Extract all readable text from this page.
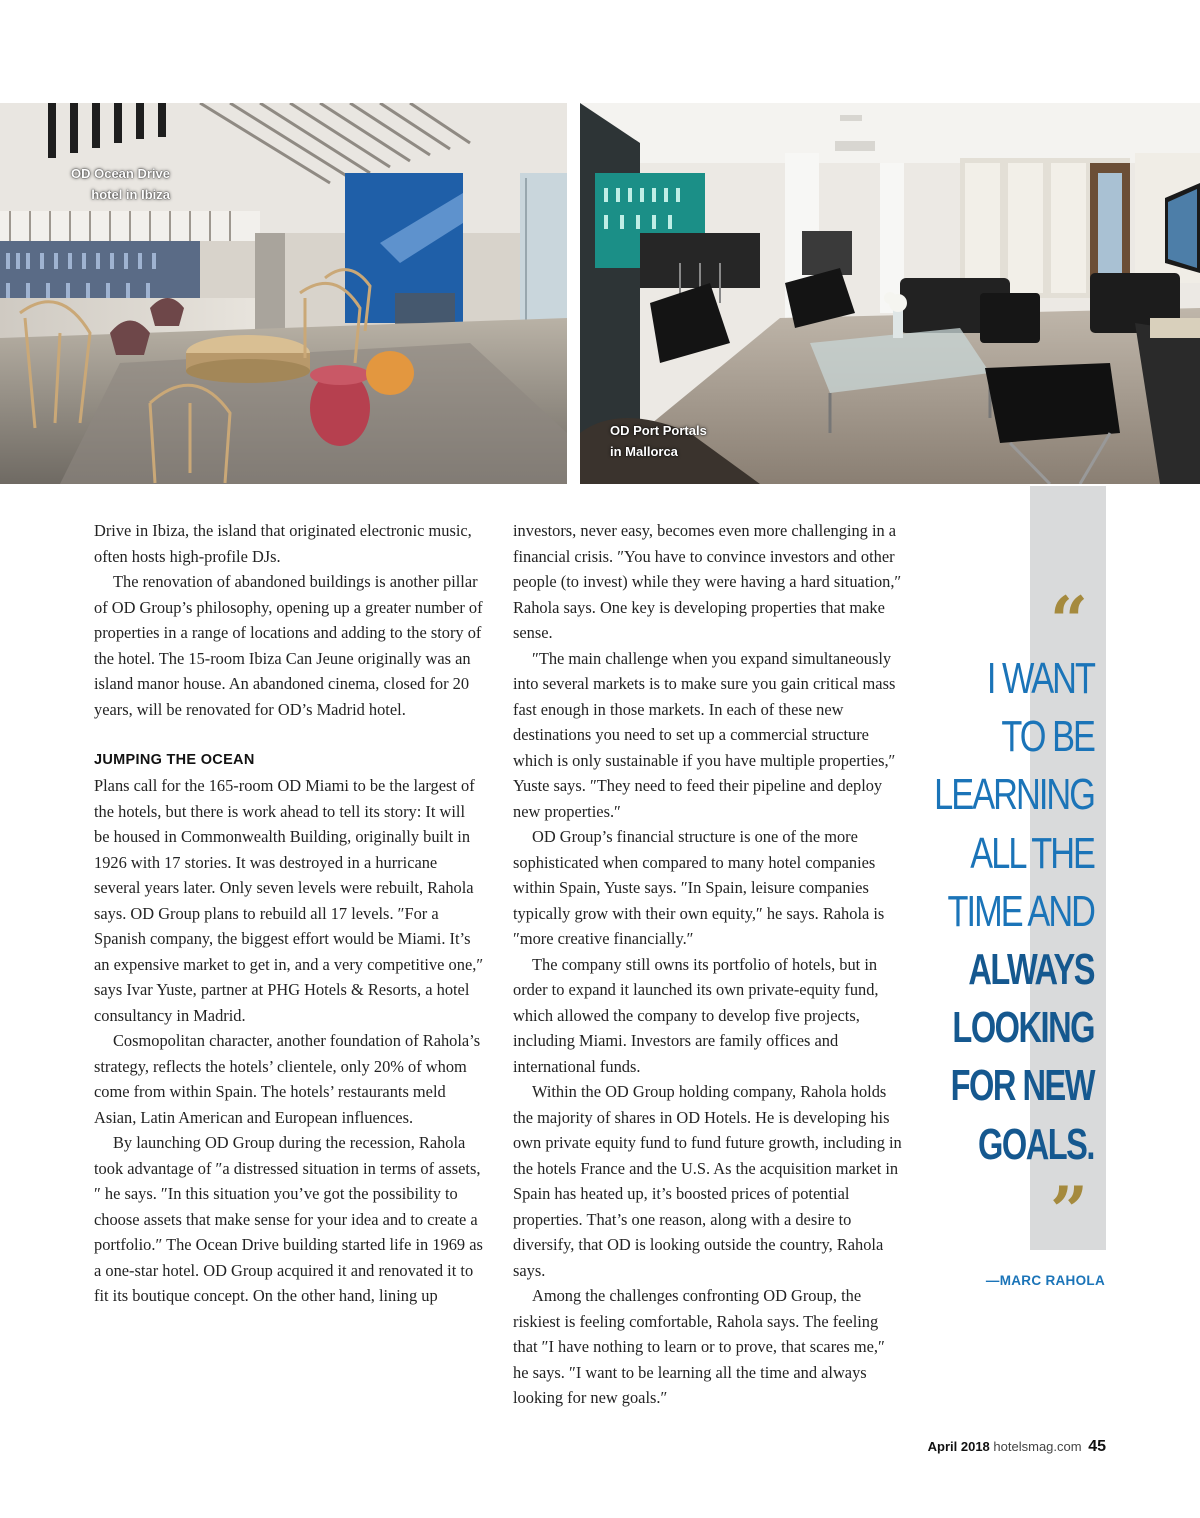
OD Ocean Drive
hotel in Ibiza
OD Port Portals
in Mallorca

Drive in Ibiza, the island that originated electronic music, often hosts high-profile DJs.

The renovation of abandoned buildings is another pillar of OD Group’s philosophy, opening up a greater number of properties in a range of locations and adding to the story of the hotel. The 15-room Ibiza Can Jeune originally was an island manor house. An abandoned cinema, closed for 20 years, will be renovated for OD’s Madrid hotel.

JUMPING THE OCEAN

Plans call for the 165-room OD Miami to be the largest of the hotels, but there is work ahead to tell its story: It will be housed in Commonwealth Building, originally built in 1926 with 17 stories. It was destroyed in a hurricane several years later. Only seven levels were rebuilt, Rahola says. OD Group plans to rebuild all 17 levels. ″For a Spanish company, the biggest effort would be Miami. It’s an expensive market to get in, and a very competitive one,″ says Ivar Yuste, partner at PHG Hotels & Resorts, a hotel consultancy in Madrid.

Cosmopolitan character, another foundation of Rahola’s strategy, reflects the hotels’ clientele, only 20% of whom come from within Spain. The hotels’ restaurants meld Asian, Latin American and European influences.

By launching OD Group during the recession, Rahola took advantage of ″a distressed situation in terms of assets,″ he says. ″In this situation you’ve got the possibility to choose assets that make sense for your idea and to create a portfolio.″ The Ocean Drive building started life in 1969 as a one-star hotel. OD Group acquired it and renovated it to fit its boutique concept. On the other hand, lining up

investors, never easy, becomes even more challenging in a financial crisis. ″You have to convince investors and other people (to invest) while they were having a hard situation,″ Rahola says. One key is developing properties that make sense.

″The main challenge when you expand simultaneously into several markets is to make sure you gain critical mass fast enough in those markets. In each of these new destinations you need to set up a commercial structure which is only sustainable if you have multiple properties,″ Yuste says. ″They need to feed their pipeline and deploy new properties.″

OD Group’s financial structure is one of the more sophisticated when compared to many hotel companies within Spain, Yuste says. ″In Spain, leisure companies typically grow with their own equity,″ he says. Rahola is ″more creative financially.″

The company still owns its portfolio of hotels, but in order to expand it launched its own private-equity fund, which allowed the company to develop five projects, including Miami. Investors are family offices and international funds.

Within the OD Group holding company, Rahola holds the majority of shares in OD Hotels. He is developing his own private equity fund to fund future growth, including in the hotels France and the U.S. As the acquisition market in Spain has heated up, it’s boosted prices of potential properties. That’s one reason, along with a desire to diversify, that OD is looking outside the country, Rahola says.

Among the challenges confronting OD Group, the riskiest is feeling comfortable, Rahola says. The feeling that ″I have nothing to learn or to prove, that scares me,″ he says. ″I want to be learning all the time and always looking for new goals.″

“
I WANT
TO BE
LEARNING
ALL THE
TIME AND
ALWAYS
LOOKING
FOR NEW
GOALS.
”
—MARC RAHOLA
April 2018 hotelsmag.com 45
